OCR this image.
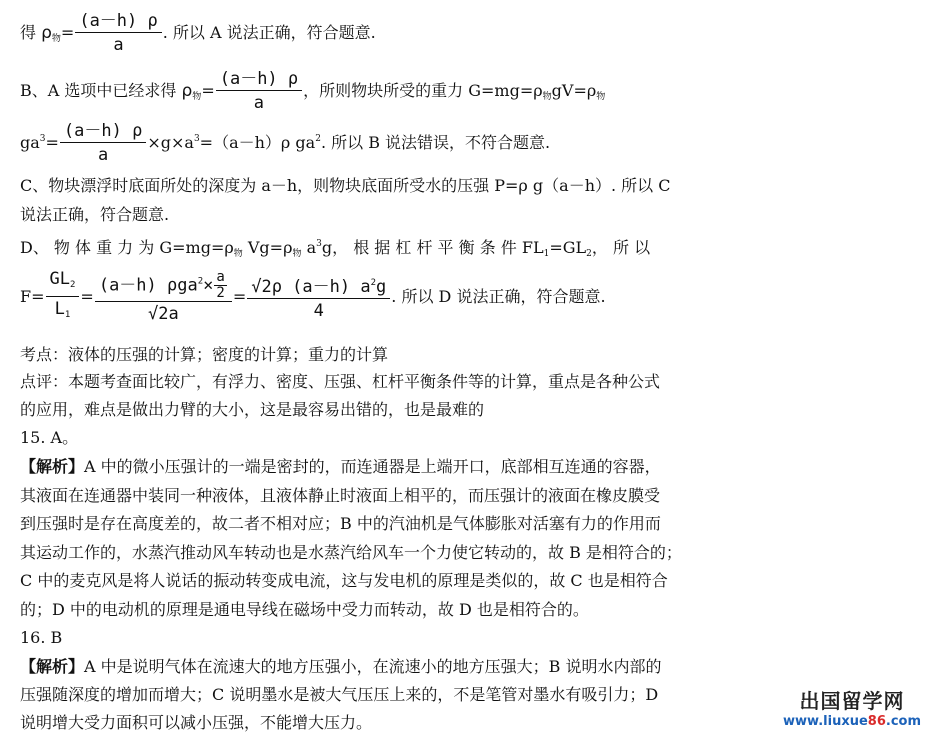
得 $\rho_物= \frac{(a-h) \rho}{a}$ . 所以 A 说法正确，符合题意.
B、A 选项中已经求得 $\rho_物= \frac{(a-h) \rho}{a}$ ，所则物块所受的重力 $G=mg=\rho_物gV=\rho_物$
$ga^3= \frac{(a-h) \rho}{a} \times g\times a^3=(a-h)\rho$ $ga^2$. 所以 B 说法错误，不符合题意.
C、物块漂浮时底面所处的深度为 a－h，则物块底面所受水的压强 P=ρ g（a－h）. 所以 C
说法正确，符合题意.
D、 物 体 重 力 为 $G=mg=\rho_物$ $Vg=\rho_物$ $a^3g$， 根 据 杠 杆 平 衡 条 件 $FL_1=GL_2$， 所 以
$F= \frac{GL_2}{L_1} = \frac{(a-h) \rho ga^2\times \frac{a}{2}}{√2a} = \frac{√2\rho (a-h) a^2g}{4}$ . 所以 D 说法正确，符合题意.
考点：液体的压强的计算；密度的计算；重力的计算
点评：本题考查面比较广，有浮力、密度、压强、杠杆平衡条件等的计算，重点是各种公式
的应用，难点是做出力臂的大小，这是最容易出错的，也是最难的
15. A。
【解析】A 中的微小压强计的一端是密封的，而连通器是上端开口，底部相互连通的容器，
其液面在连通器中装同一种液体，且液体静止时液面上相平的，而压强计的液面在橡皮膜受
到压强时是存在高度差的，故二者不相对应；B 中的汽油机是气体膨胀对活塞有力的作用而
其运动工作的，水蒸汽推动风车转动也是水蒸汽给风车一个力使它转动的，故 B 是相符合的；
C 中的麦克风是将人说话的振动转变成电流，这与发电机的原理是类似的，故 C 也是相符合
的；D 中的电动机的原理是通电导线在磁场中受力而转动，故 D 也是相符合的。
16. B
【解析】A 中是说明气体在流速大的地方压强小，在流速小的地方压强大；B 说明水内部的
压强随深度的增加而增大；C 说明墨水是被大气压压上来的，不是笔管对墨水有吸引力；D
说明增大受力面积可以减小压强，不能增大压力。
出国留学网
www.liuxue86.com
